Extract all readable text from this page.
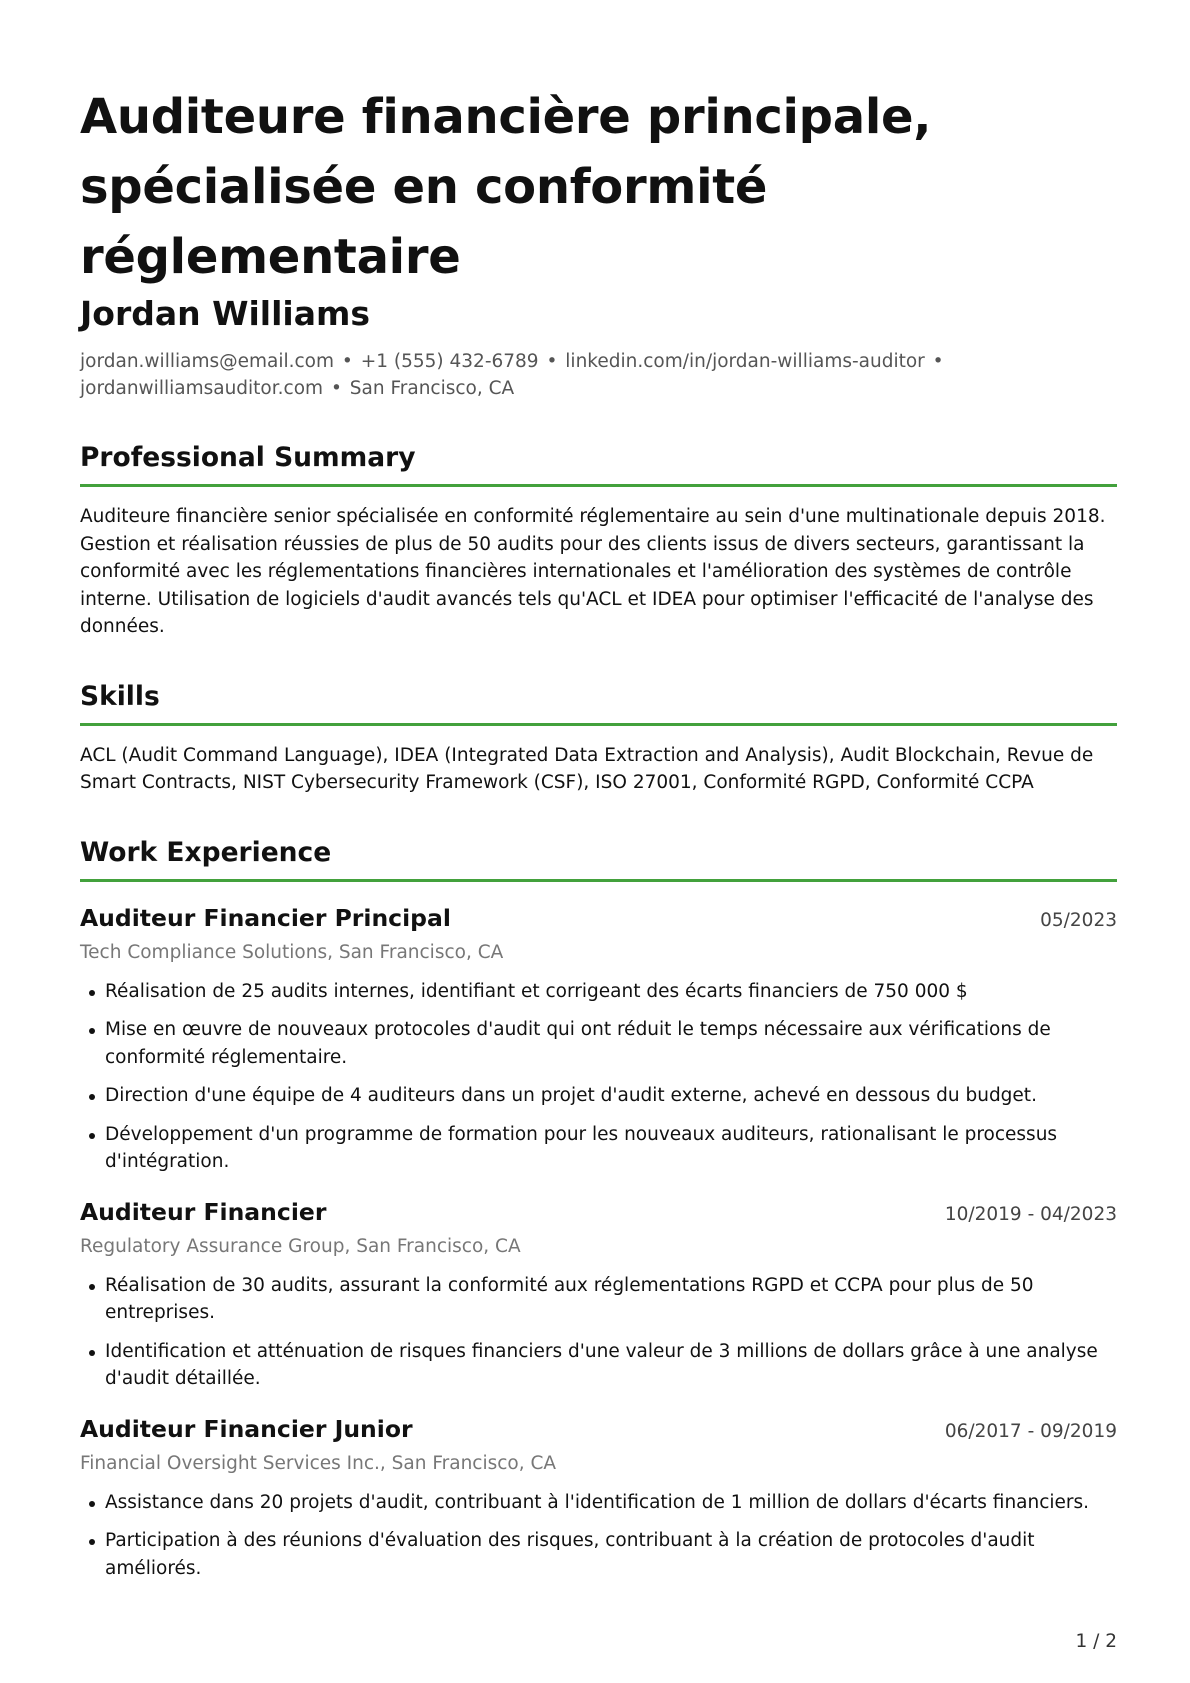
Auditeure financière principale, spécialisée en conformité réglementaire
Jordan Williams
jordan.williams@email.com • +1 (555) 432-6789 • linkedin.com/in/jordan-williams-auditor •
jordanwilliamsauditor.com • San Francisco, CA
Professional Summary
Auditeure financière senior spécialisée en conformité réglementaire au sein d'une multinationale depuis 2018. Gestion et réalisation réussies de plus de 50 audits pour des clients issus de divers secteurs, garantissant la conformité avec les réglementations financières internationales et l'amélioration des systèmes de contrôle interne. Utilisation de logiciels d'audit avancés tels qu'ACL et IDEA pour optimiser l'efficacité de l'analyse des données.
Skills
ACL (Audit Command Language), IDEA (Integrated Data Extraction and Analysis), Audit Blockchain, Revue de Smart Contracts, NIST Cybersecurity Framework (CSF), ISO 27001, Conformité RGPD, Conformité CCPA
Work Experience
Auditeur Financier Principal	05/2023
Tech Compliance Solutions, San Francisco, CA
Réalisation de 25 audits internes, identifiant et corrigeant des écarts financiers de 750 000 $
Mise en œuvre de nouveaux protocoles d'audit qui ont réduit le temps nécessaire aux vérifications de conformité réglementaire.
Direction d'une équipe de 4 auditeurs dans un projet d'audit externe, achevé en dessous du budget.
Développement d'un programme de formation pour les nouveaux auditeurs, rationalisant le processus d'intégration.
Auditeur Financier	10/2019 - 04/2023
Regulatory Assurance Group, San Francisco, CA
Réalisation de 30 audits, assurant la conformité aux réglementations RGPD et CCPA pour plus de 50 entreprises.
Identification et atténuation de risques financiers d'une valeur de 3 millions de dollars grâce à une analyse d'audit détaillée.
Auditeur Financier Junior	06/2017 - 09/2019
Financial Oversight Services Inc., San Francisco, CA
Assistance dans 20 projets d'audit, contribuant à l'identification de 1 million de dollars d'écarts financiers.
Participation à des réunions d'évaluation des risques, contribuant à la création de protocoles d'audit améliorés.
1 / 2
